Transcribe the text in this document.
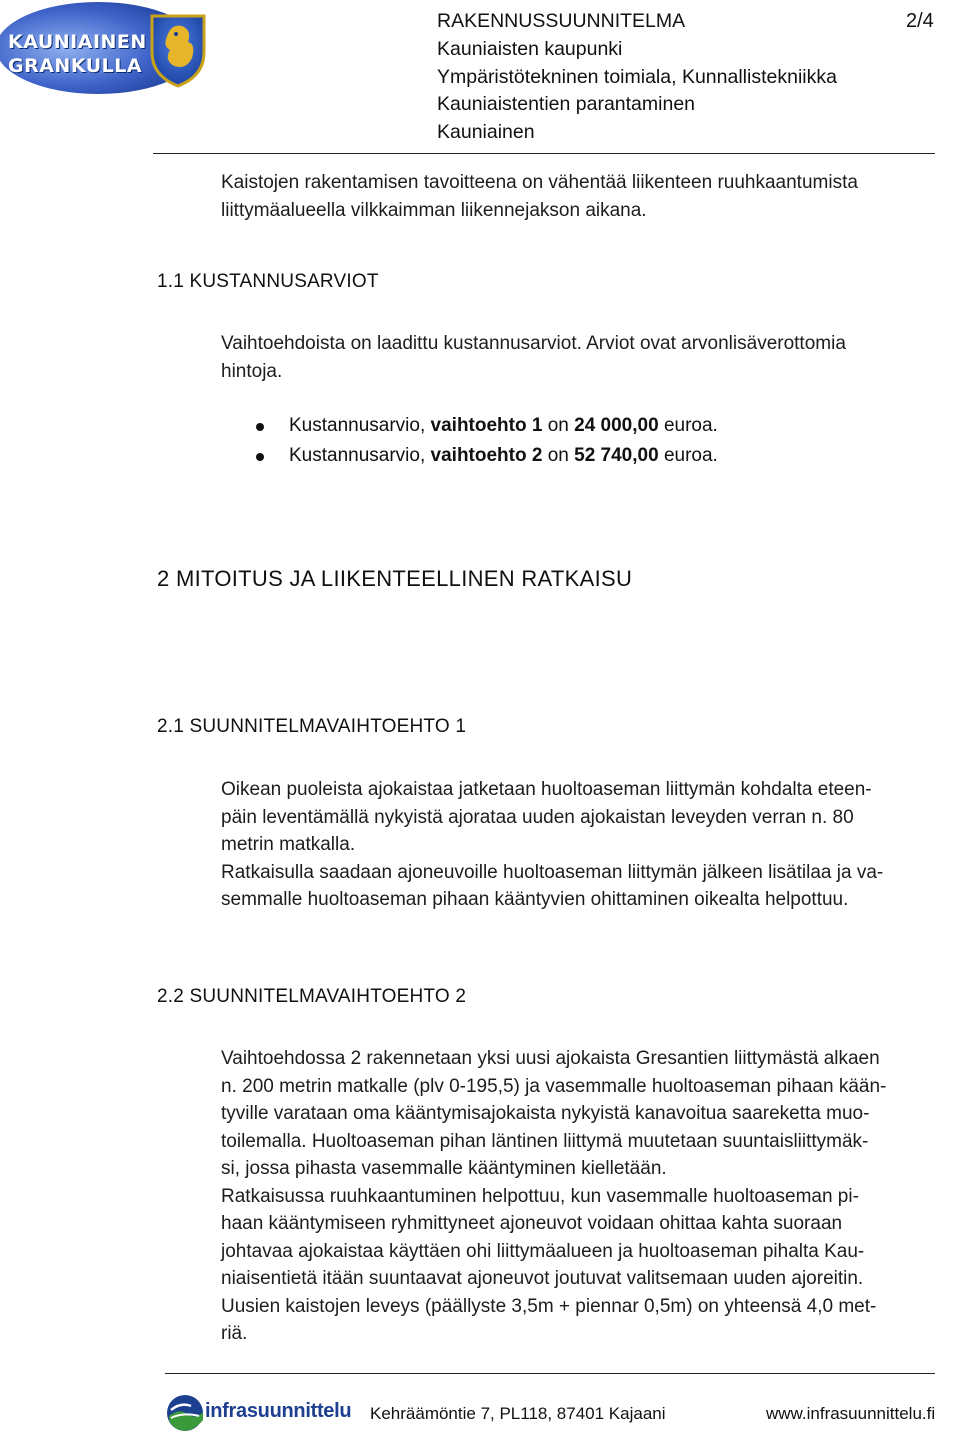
KAUNIAINEN
GRANKULLA
RAKENNUSSUUNNITELMA
Kauniaisten kaupunki
Ympäristötekninen toimiala, Kunnallistekniikka
Kauniaistentien parantaminen
Kauniainen
2/4
Kaistojen rakentamisen tavoitteena on vähentää liikenteen ruuhkaantumista
liittymäalueella vilkkaimman liikennejakson aikana.
1.1 KUSTANNUSARVIOT
Vaihtoehdoista on laadittu kustannusarviot. Arviot ovat arvonlisäverottomia
hintoja.
Kustannusarvio, vaihtoehto 1 on 24 000,00 euroa.
Kustannusarvio, vaihtoehto 2 on 52 740,00 euroa.
2 MITOITUS JA LIIKENTEELLINEN RATKAISU
2.1 SUUNNITELMAVAIHTOEHTO 1
Oikean puoleista ajokaistaa jatketaan huoltoaseman liittymän kohdalta eteen-
päin leventämällä nykyistä ajorataa uuden ajokaistan leveyden verran n. 80
metrin matkalla.
Ratkaisulla saadaan ajoneuvoille huoltoaseman liittymän jälkeen lisätilaa ja va-
semmalle huoltoaseman pihaan kääntyvien ohittaminen oikealta helpottuu.
2.2 SUUNNITELMAVAIHTOEHTO 2
Vaihtoehdossa 2 rakennetaan yksi uusi ajokaista Gresantien liittymästä alkaen
n. 200 metrin matkalle (plv 0-195,5) ja vasemmalle huoltoaseman pihaan kään-
tyville varataan oma kääntymisajokaista nykyistä kanavoitua saareketta muo-
toilemalla. Huoltoaseman pihan läntinen liittymä muutetaan suuntaisliittymäk-
si, jossa pihasta vasemmalle kääntyminen kielletään.
Ratkaisussa ruuhkaantuminen helpottuu, kun vasemmalle huoltoaseman pi-
haan kääntymiseen ryhmittyneet ajoneuvot voidaan ohittaa kahta suoraan
johtavaa ajokaistaa käyttäen ohi liittymäalueen ja huoltoaseman pihalta Kau-
niaisentietä itään suuntaavat ajoneuvot joutuvat valitsemaan uuden ajoreitin.
Uusien kaistojen leveys (päällyste 3,5m + piennar 0,5m) on yhteensä 4,0 met-
riä.
infrasuunnittelu Kehräämöntie 7, PL118, 87401 Kajaani	www.infrasuunnittelu.fi
